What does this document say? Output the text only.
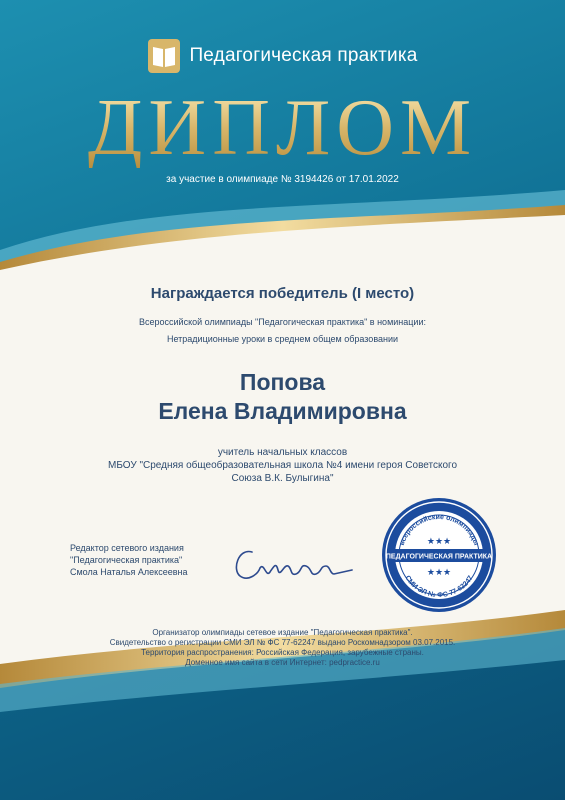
Педагогическая практика
ДИПЛОМ
за участие в олимпиаде № 3194426 от 17.01.2022
Награждается победитель (I место)
Всероссийской олимпиады "Педагогическая практика" в номинации:
Нетрадиционные уроки в среднем общем образовании
Попова
Елена Владимировна
учитель начальных классов
МБОУ "Средняя общеобразовательная школа №4 имени героя Советского
Союза В.К. Булыгина"
Редактор сетевого издания
"Педагогическая практика"
Смола Наталья Алексеевна
всероссийские олимпиады
СМИ ЭЛ № ФС 77-62247
ПЕДАГОГИЧЕСКАЯ ПРАКТИКА
★★★
★★★
Организатор олимпиады сетевое издание "Педагогическая практика".
Свидетельство о регистрации СМИ ЭЛ № ФС 77-62247 выдано Роскомнадзором 03.07.2015.
Территория распространения: Российская Федерация, зарубежные страны.
Доменное имя сайта в сети Интернет: pedpractice.ru
